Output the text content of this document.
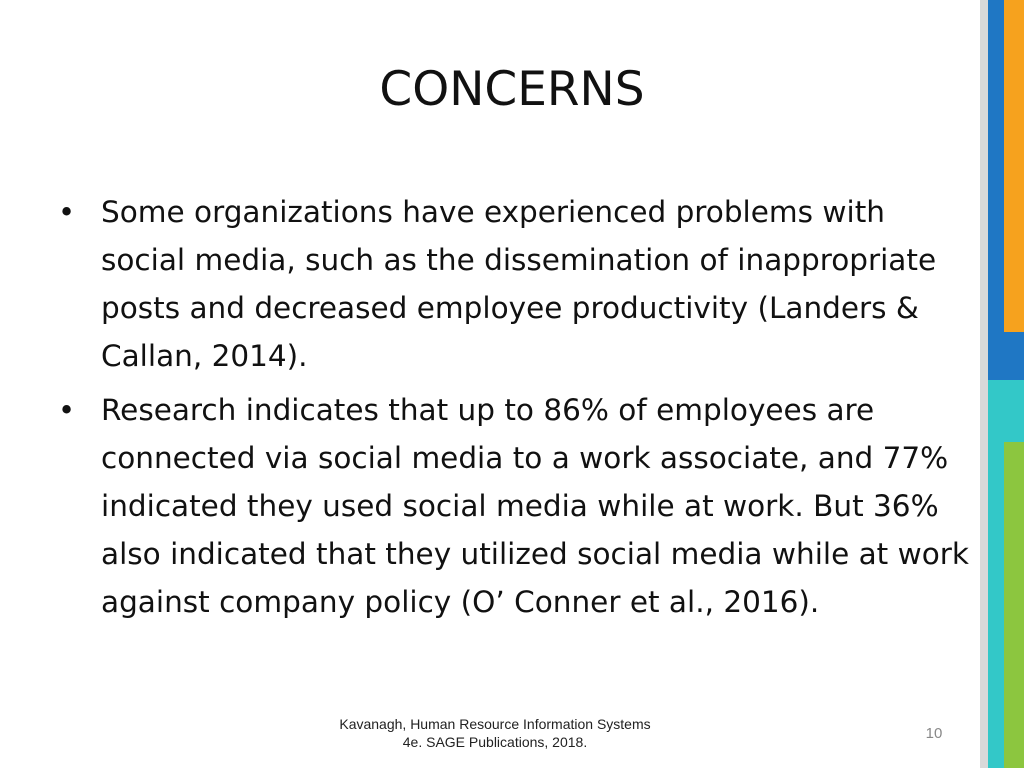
CONCERNS
• Some organizations have experienced problems with social media, such as the dissemination of inappropriate posts and decreased employee productivity (Landers & Callan, 2014).
• Research indicates that up to 86% of employees are connected via social media to a work associate, and 77% indicated they used social media while at work. But 36% also indicated that they utilized social media while at work against company policy (O’ Conner et al., 2016).
Kavanagh, Human Resource Information Systems
4e. SAGE Publications, 2018.	10
